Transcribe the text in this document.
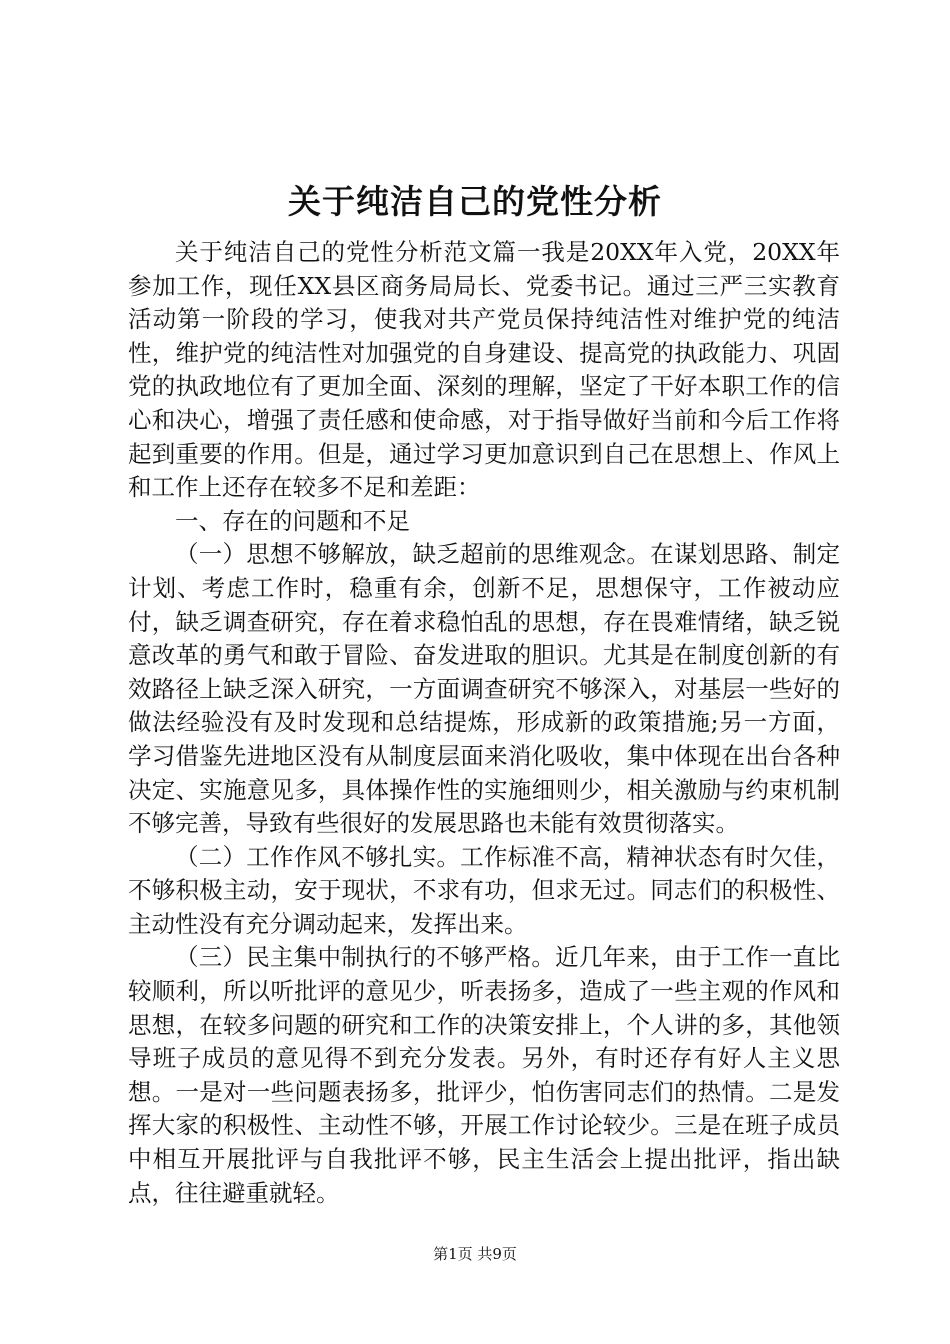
关于纯洁自己的党性分析

关于纯洁自己的党性分析范文篇一我是20XX年入党，20XX年参加工作，现任XX县区商务局局长、党委书记。通过三严三实教育活动第一阶段的学习，使我对共产党员保持纯洁性对维护党的纯洁性，维护党的纯洁性对加强党的自身建设、提高党的执政能力、巩固党的执政地位有了更加全面、深刻的理解，坚定了干好本职工作的信心和决心，增强了责任感和使命感，对于指导做好当前和今后工作将起到重要的作用。但是，通过学习更加意识到自己在思想上、作风上和工作上还存在较多不足和差距：

一、存在的问题和不足

（一）思想不够解放，缺乏超前的思维观念。在谋划思路、制定计划、考虑工作时，稳重有余，创新不足，思想保守，工作被动应付，缺乏调查研究，存在着求稳怕乱的思想，存在畏难情绪，缺乏锐意改革的勇气和敢于冒险、奋发进取的胆识。尤其是在制度创新的有效路径上缺乏深入研究，一方面调查研究不够深入，对基层一些好的做法经验没有及时发现和总结提炼，形成新的政策措施;另一方面，学习借鉴先进地区没有从制度层面来消化吸收，集中体现在出台各种决定、实施意见多，具体操作性的实施细则少，相关激励与约束机制不够完善，导致有些很好的发展思路也未能有效贯彻落实。

（二）工作作风不够扎实。工作标准不高，精神状态有时欠佳，不够积极主动，安于现状，不求有功，但求无过。同志们的积极性、主动性没有充分调动起来，发挥出来。

（三）民主集中制执行的不够严格。近几年来，由于工作一直比较顺利，所以听批评的意见少，听表扬多，造成了一些主观的作风和思想，在较多问题的研究和工作的决策安排上，个人讲的多，其他领导班子成员的意见得不到充分发表。另外，有时还存有好人主义思想。一是对一些问题表扬多，批评少，怕伤害同志们的热情。二是发挥大家的积极性、主动性不够，开展工作讨论较少。三是在班子成员中相互开展批评与自我批评不够，民主生活会上提出批评，指出缺点，往往避重就轻。

第1页 共9页
